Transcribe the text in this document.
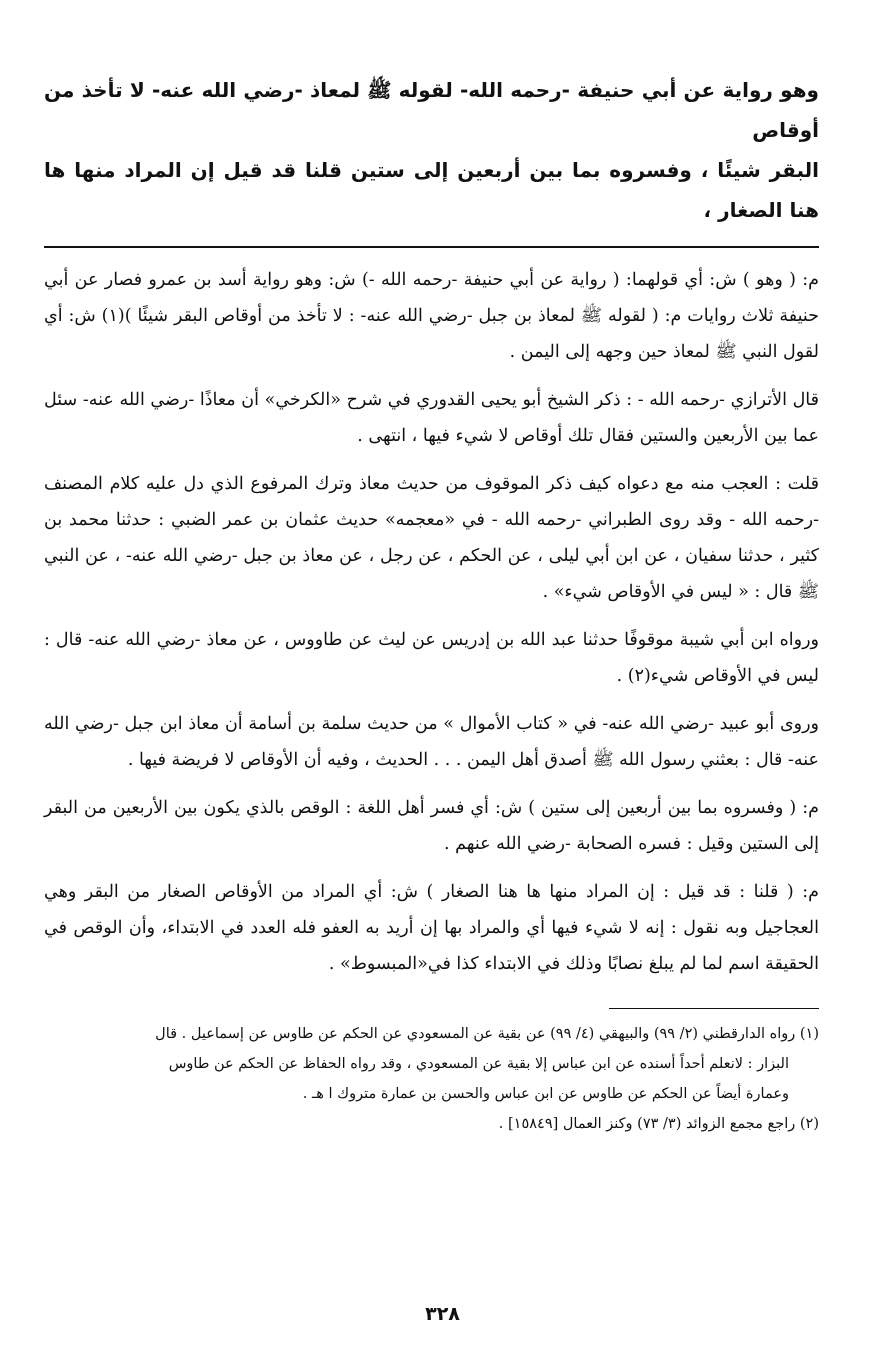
وهو رواية عن أبي حنيفة -رحمه الله- لقوله ﷺ لمعاذ -رضي الله عنه- لا تأخذ من أوقاص

البقر شيئًا ، وفسروه بما بين أربعين إلى ستين قلنا قد قيل إن المراد منها ها هنا الصغار ،

م: ( وهو ) ش: أي قولهما: ( رواية عن أبي حنيفة -رحمه الله -) ش: وهو رواية أسد بن عمرو فصار عن أبي حنيفة ثلاث روايات م: ( لقوله ﷺ لمعاذ بن جبل -رضي الله عنه- : لا تأخذ من أوقاص البقر شيئًا )(١) ش: أي لقول النبي ﷺ لمعاذ حين وجهه إلى اليمن .

قال الأترازي -رحمه الله - : ذكر الشيخ أبو يحيى القدوري في شرح «الكرخي» أن معاذًا -رضي الله عنه- سئل عما بين الأربعين والستين فقال تلك أوقاص لا شيء فيها ، انتهى .

قلت : العجب منه مع دعواه كيف ذكر الموقوف من حديث معاذ وترك المرفوع الذي دل عليه كلام المصنف -رحمه الله - وقد روى الطبراني -رحمه الله - في «معجمه» حديث عثمان بن عمر الضبي : حدثنا محمد بن كثير ، حدثنا سفيان ، عن ابن أبي ليلى ، عن الحكم ، عن رجل ، عن معاذ بن جبل -رضي الله عنه- ، عن النبي ﷺ قال : « ليس في الأوقاص شيء» .

ورواه ابن أبي شيبة موقوفًا حدثنا عبد الله بن إدريس عن ليث عن طاووس ، عن معاذ -رضي الله عنه- قال : ليس في الأوقاص شيء(٢) .

وروى أبو عبيد -رضي الله عنه- في « كتاب الأموال » من حديث سلمة بن أسامة أن معاذ ابن جبل -رضي الله عنه- قال : بعثني رسول الله ﷺ أصدق أهل اليمن . . . الحديث ، وفيه أن الأوقاص لا فريضة فيها .

م: ( وفسروه بما بين أربعين إلى ستين ) ش: أي فسر أهل اللغة : الوقص بالذي يكون بين الأربعين من البقر إلى الستين وقيل : فسره الصحابة -رضي الله عنهم .

م: ( قلنا : قد قيل : إن المراد منها ها هنا الصغار ) ش: أي المراد من الأوقاص الصغار من البقر وهي العجاجيل وبه نقول : إنه لا شيء فيها أي والمراد بها إن أريد به العفو فله العدد في الابتداء، وأن الوقص في الحقيقة اسم لما لم يبلغ نصابًا وذلك في الابتداء كذا في«المبسوط» .

(١) رواه الدارقطني (٢/ ٩٩) والبيهقي (٤/ ٩٩) عن بقية عن المسعودي عن الحكم عن طاوس عن إسماعيل . قال

البزار : لانعلم أحداً أسنده عن ابن عباس إلا بقية عن المسعودي ، وقد رواه الحفاظ عن الحكم عن طاوس

وعمارة أيضاً عن الحكم عن طاوس عن ابن عباس والحسن بن عمارة متروك ا هـ .

(٢) راجع مجمع الزوائد (٣/ ٧٣) وكنز العمال [١٥٨٤٩] .

٣٢٨
